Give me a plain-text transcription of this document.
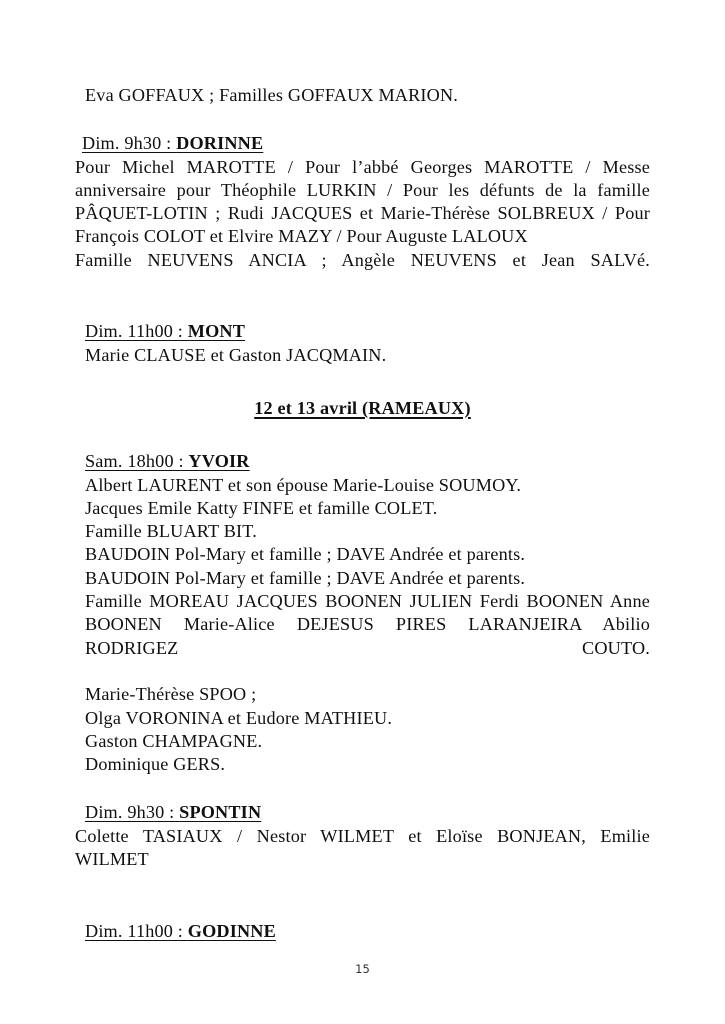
Eva GOFFAUX ; Familles GOFFAUX MARION.
Dim. 9h30 : DORINNE
Pour Michel MAROTTE / Pour l’abbé Georges MAROTTE / Messe anniversaire pour Théophile LURKIN / Pour les défunts de la famille PÂQUET-LOTIN ; Rudi JACQUES et Marie-Thérèse SOLBREUX / Pour François COLOT et Elvire MAZY / Pour Auguste LALOUX
Famille NEUVENS ANCIA ; Angèle NEUVENS et Jean SALVé.
Dim. 11h00 : MONT
Marie CLAUSE et Gaston JACQMAIN.
12 et 13 avril (RAMEAUX)
Sam. 18h00 : YVOIR
Albert LAURENT et son épouse Marie-Louise SOUMOY.
Jacques Emile Katty FINFE et famille COLET.
Famille BLUART BIT.
BAUDOIN Pol-Mary et famille ; DAVE Andrée et parents.
BAUDOIN Pol-Mary et famille ; DAVE Andrée et parents.
Famille MOREAU JACQUES BOONEN JULIEN Ferdi BOONEN Anne BOONEN Marie-Alice DEJESUS PIRES LARANJEIRA Abilio RODRIGEZ COUTO.
Marie-Thérèse SPOO ;
Olga VORONINA et Eudore MATHIEU.
Gaston CHAMPAGNE.
Dominique GERS.
Dim. 9h30 : SPONTIN
Colette TASIAUX / Nestor WILMET et Eloïse BONJEAN, Emilie WILMET
Dim. 11h00 : GODINNE
15
